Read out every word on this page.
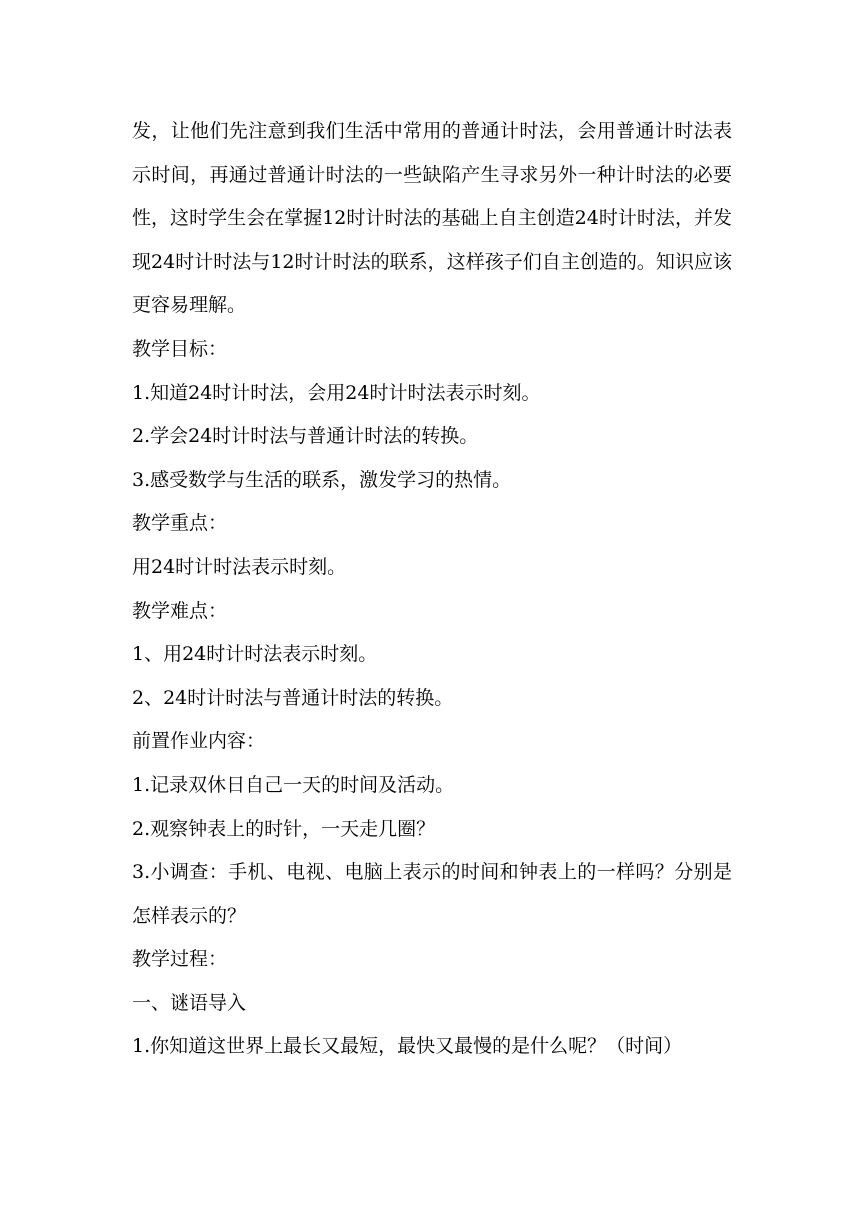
发，让他们先注意到我们生活中常用的普通计时法，会用普通计时法表示时间，再通过普通计时法的一些缺陷产生寻求另外一种计时法的必要性，这时学生会在掌握12时计时法的基础上自主创造24时计时法，并发现24时计时法与12时计时法的联系，这样孩子们自主创造的。知识应该更容易理解。

教学目标：

1.知道24时计时法，会用24时计时法表示时刻。

2.学会24时计时法与普通计时法的转换。

3.感受数学与生活的联系，激发学习的热情。

教学重点：

用24时计时法表示时刻。

教学难点：

1、用24时计时法表示时刻。

2、24时计时法与普通计时法的转换。

前置作业内容：

1.记录双休日自己一天的时间及活动。

2.观察钟表上的时针，一天走几圈？

3.小调查：手机、电视、电脑上表示的时间和钟表上的一样吗？分别是怎样表示的？

教学过程：

一、谜语导入

1.你知道这世界上最长又最短，最快又最慢的是什么呢？（时间）
